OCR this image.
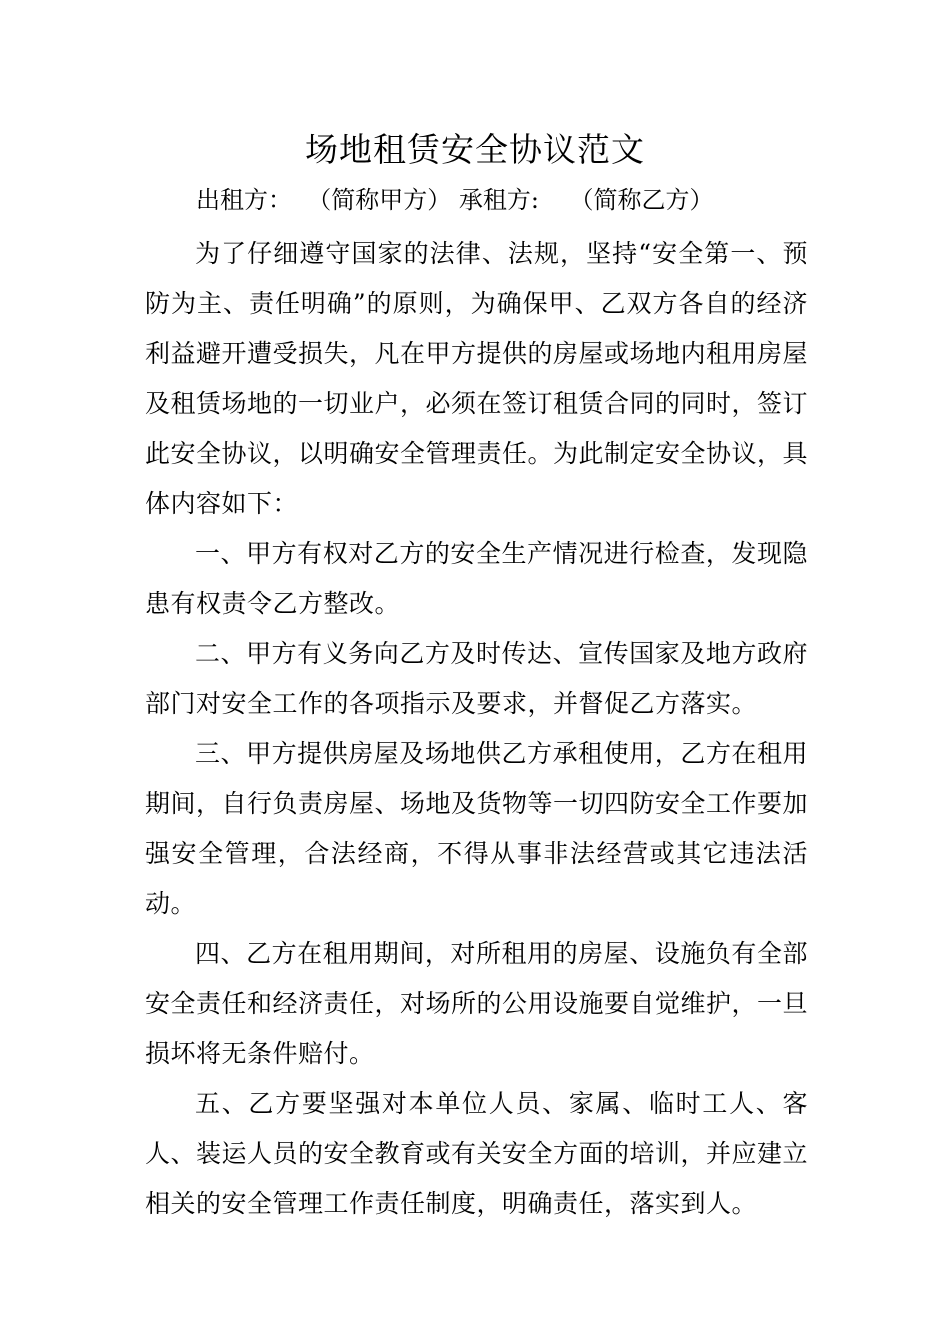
场地租赁安全协议范文
出租方：  （简称甲方） 承租方:    （简称乙方）

为了仔细遵守国家的法律、法规，坚持“安全第一、预防为主、责任明确”的原则，为确保甲、乙双方各自的经济利益避开遭受损失，凡在甲方提供的房屋或场地内租用房屋及租赁场地的一切业户，必须在签订租赁合同的同时，签订此安全协议，以明确安全管理责任。为此制定安全协议，具体内容如下：

一、甲方有权对乙方的安全生产情况进行检查，发现隐患有权责令乙方整改。

二、甲方有义务向乙方及时传达、宣传国家及地方政府部门对安全工作的各项指示及要求，并督促乙方落实。

三、甲方提供房屋及场地供乙方承租使用，乙方在租用期间，自行负责房屋、场地及货物等一切四防安全工作要加强安全管理，合法经商，不得从事非法经营或其它违法活动。

四、乙方在租用期间，对所租用的房屋、设施负有全部安全责任和经济责任，对场所的公用设施要自觉维护，一旦损坏将无条件赔付。

五、乙方要坚强对本单位人员、家属、临时工人、客人、装运人员的安全教育或有关安全方面的培训，并应建立相关的安全管理工作责任制度，明确责任，落实到人。
